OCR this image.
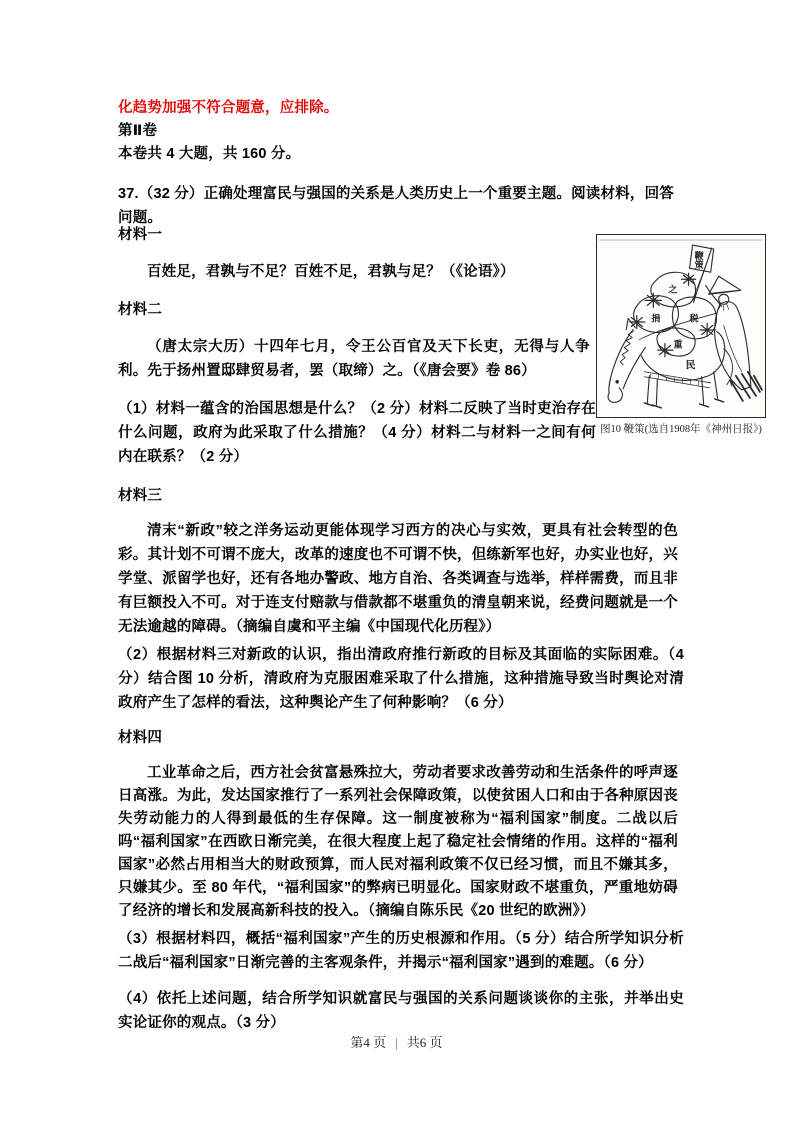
化趋势加强不符合题意，应排除。
第Ⅱ卷
本卷共 4 大题，共 160 分。
37.（32 分）正确处理富民与强国的关系是人类历史上一个重要主题。阅读材料，回答问题。
材料一
百姓足，君孰与不足？百姓不足，君孰与足？（《论语》）
材料二
（唐太宗大历）十四年七月，令王公百官及天下长吏，无得与人争利。先于扬州置邸肆贸易者，罢（取缔）之。（《唐会要》卷 86）
（1）材料一蕴含的治国思想是什么？（2 分）材料二反映了当时吏治存在什么问题，政府为此采取了什么措施？（4 分）材料二与材料一之间有何内在联系？（2 分）
材料三
清末“新政”较之洋务运动更能体现学习西方的决心与实效，更具有社会转型的色彩。其计划不可谓不庞大，改革的速度也不可谓不快，但练新军也好，办实业也好，兴学堂、派留学也好，还有各地办警政、地方自治、各类调查与选举，样样需费，而且非有巨额投入不可。对于连支付赔款与借款都不堪重负的清皇朝来说，经费问题就是一个无法逾越的障碍。（摘编自虞和平主编《中国现代化历程》）
（2）根据材料三对新政的认识，指出清政府推行新政的目标及其面临的实际困难。（4 分）结合图 10 分析，清政府为克服困难采取了什么措施，这种措施导致当时舆论对清政府产生了怎样的看法，这种舆论产生了何种影响？（6 分）
材料四
工业革命之后，西方社会贫富悬殊拉大，劳动者要求改善劳动和生活条件的呼声逐日高涨。为此，发达国家推行了一系列社会保障政策，以使贫困人口和由于各种原因丧失劳动能力的人得到最低的生存保障。这一制度被称为“福利国家”制度。二战以后吗“福利国家”在西欧日渐完美，在很大程度上起了稳定社会情绪的作用。这样的“福利国家”必然占用相当大的财政预算，而人民对福利政策不仅已经习惯，而且不嫌其多，只嫌其少。至 80 年代，“福利国家”的弊病已明显化。国家财政不堪重负，严重地妨碍了经济的增长和发展高新科技的投入。（摘编自陈乐民《20 世纪的欧洲》）
（3）根据材料四，概括“福利国家”产生的历史根源和作用。（5 分）结合所学知识分析二战后“福利国家”日渐完善的主客观条件，并揭示“福利国家”遇到的难题。（6 分）
（4）依托上述问题，结合所学知识就富民与强国的关系问题谈谈你的主张，并举出史实论证你的观点。（3 分）
鞭策
捐	税
之
重
民
图10 鞭策(选自1908年《神州日报》)
第4 页 | 共6 页
